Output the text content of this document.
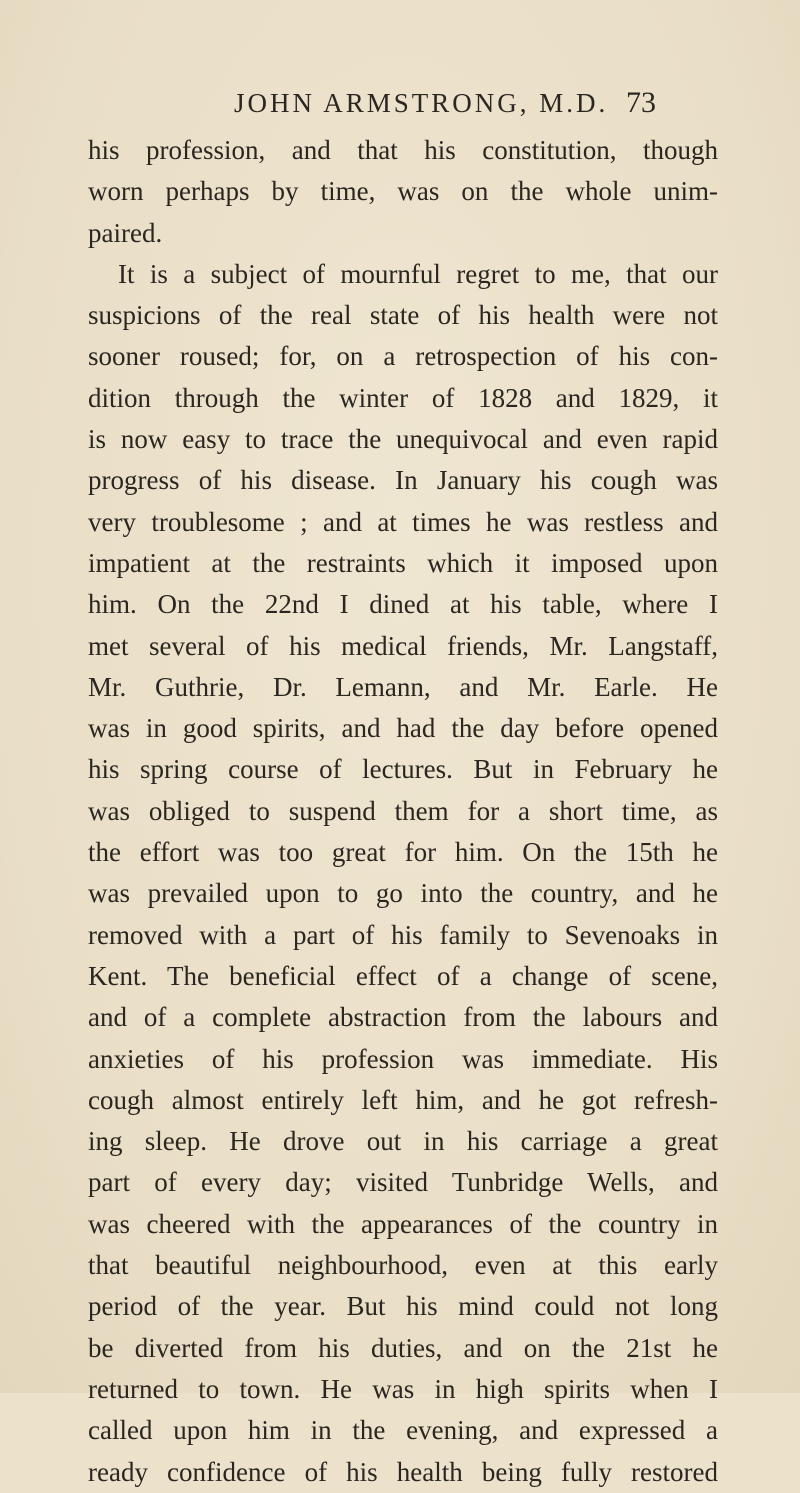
JOHN ARMSTRONG, M.D. 73

his profession, and that his constitution, though
worn perhaps by time, was on the whole unim-
paired.

It is a subject of mournful regret to me, that our
suspicions of the real state of his health were not
sooner roused; for, on a retrospection of his con-
dition through the winter of 1828 and 1829, it
is now easy to trace the unequivocal and even rapid
progress of his disease. In January his cough was
very troublesome ; and at times he was restless and
impatient at the restraints which it imposed upon
him. On the 22nd I dined at his table, where I
met several of his medical friends, Mr. Langstaff,
Mr. Guthrie, Dr. Lemann, and Mr. Earle. He
was in good spirits, and had the day before opened
his spring course of lectures. But in February he
was obliged to suspend them for a short time, as
the effort was too great for him. On the 15th he
was prevailed upon to go into the country, and he
removed with a part of his family to Sevenoaks in
Kent. The beneficial effect of a change of scene,
and of a complete abstraction from the labours and
anxieties of his profession was immediate. His
cough almost entirely left him, and he got refresh-
ing sleep. He drove out in his carriage a great
part of every day; visited Tunbridge Wells, and
was cheered with the appearances of the country in
that beautiful neighbourhood, even at this early
period of the year. But his mind could not long
be diverted from his duties, and on the 21st he
returned to town. He was in high spirits when I
called upon him in the evening, and expressed a
ready confidence of his health being fully restored
